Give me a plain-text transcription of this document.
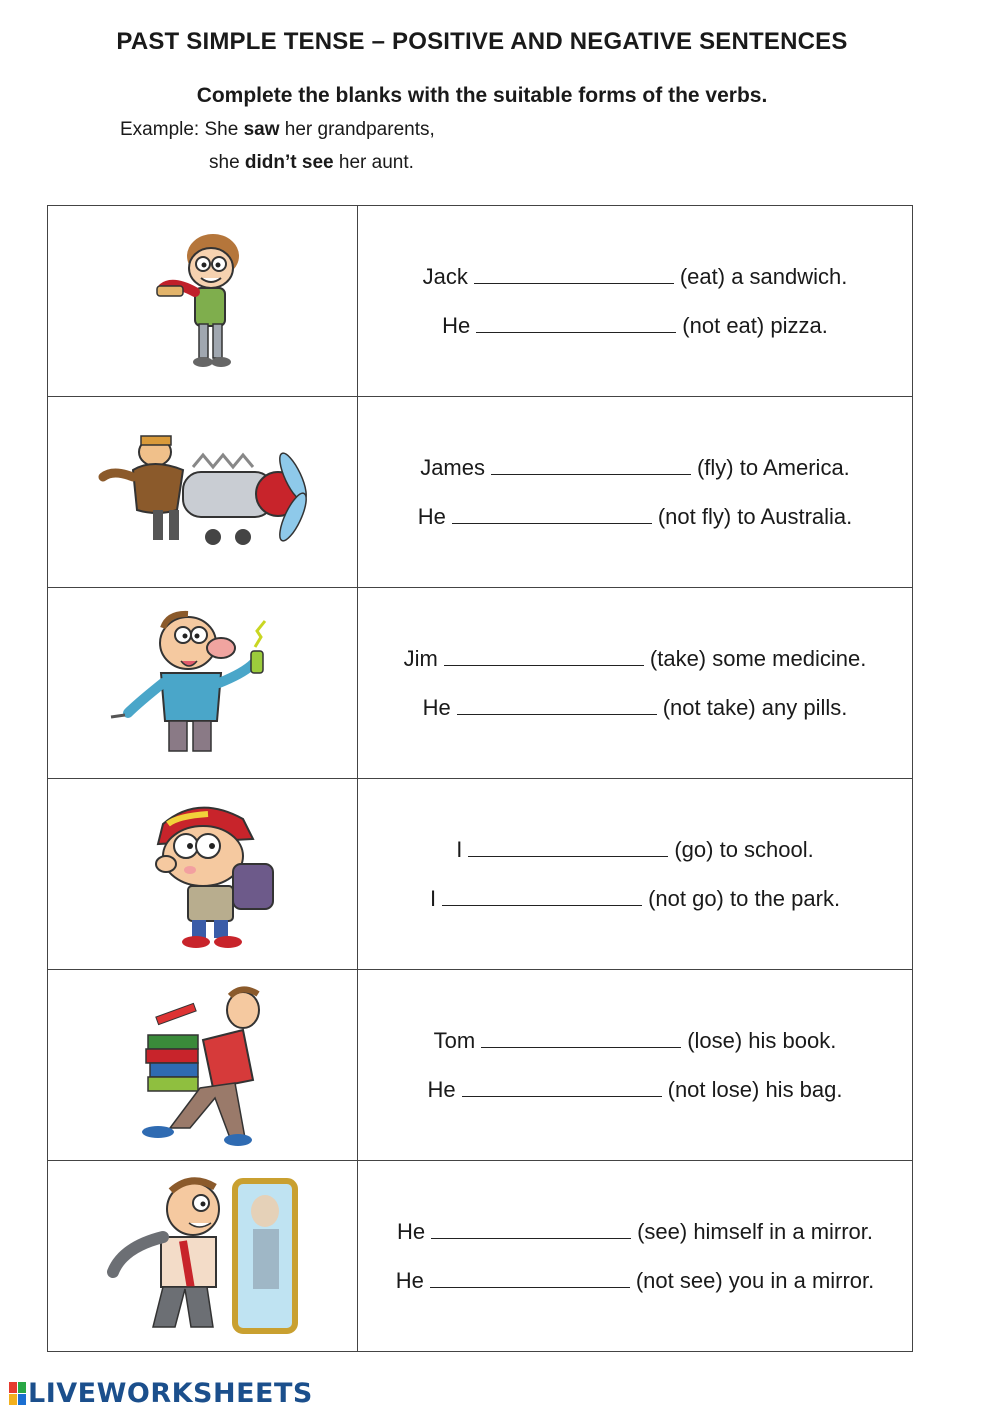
PAST SIMPLE TENSE – POSITIVE AND NEGATIVE SENTENCES
Complete the blanks with the suitable forms of the verbs.
Example: She saw her grandparents,
she didn’t see her aunt.

Jack (eat) a sandwich.
He (not eat) pizza.

James (fly) to America.
He (not fly) to Australia.

Jim (take) some medicine.
He (not take) any pills.

I (go) to school.
I (not go) to the park.

Tom (lose) his book.
He (not lose) his bag.

He (see) himself in a mirror.
He (not see) you in a mirror.
LIVEWORKSHEETS
